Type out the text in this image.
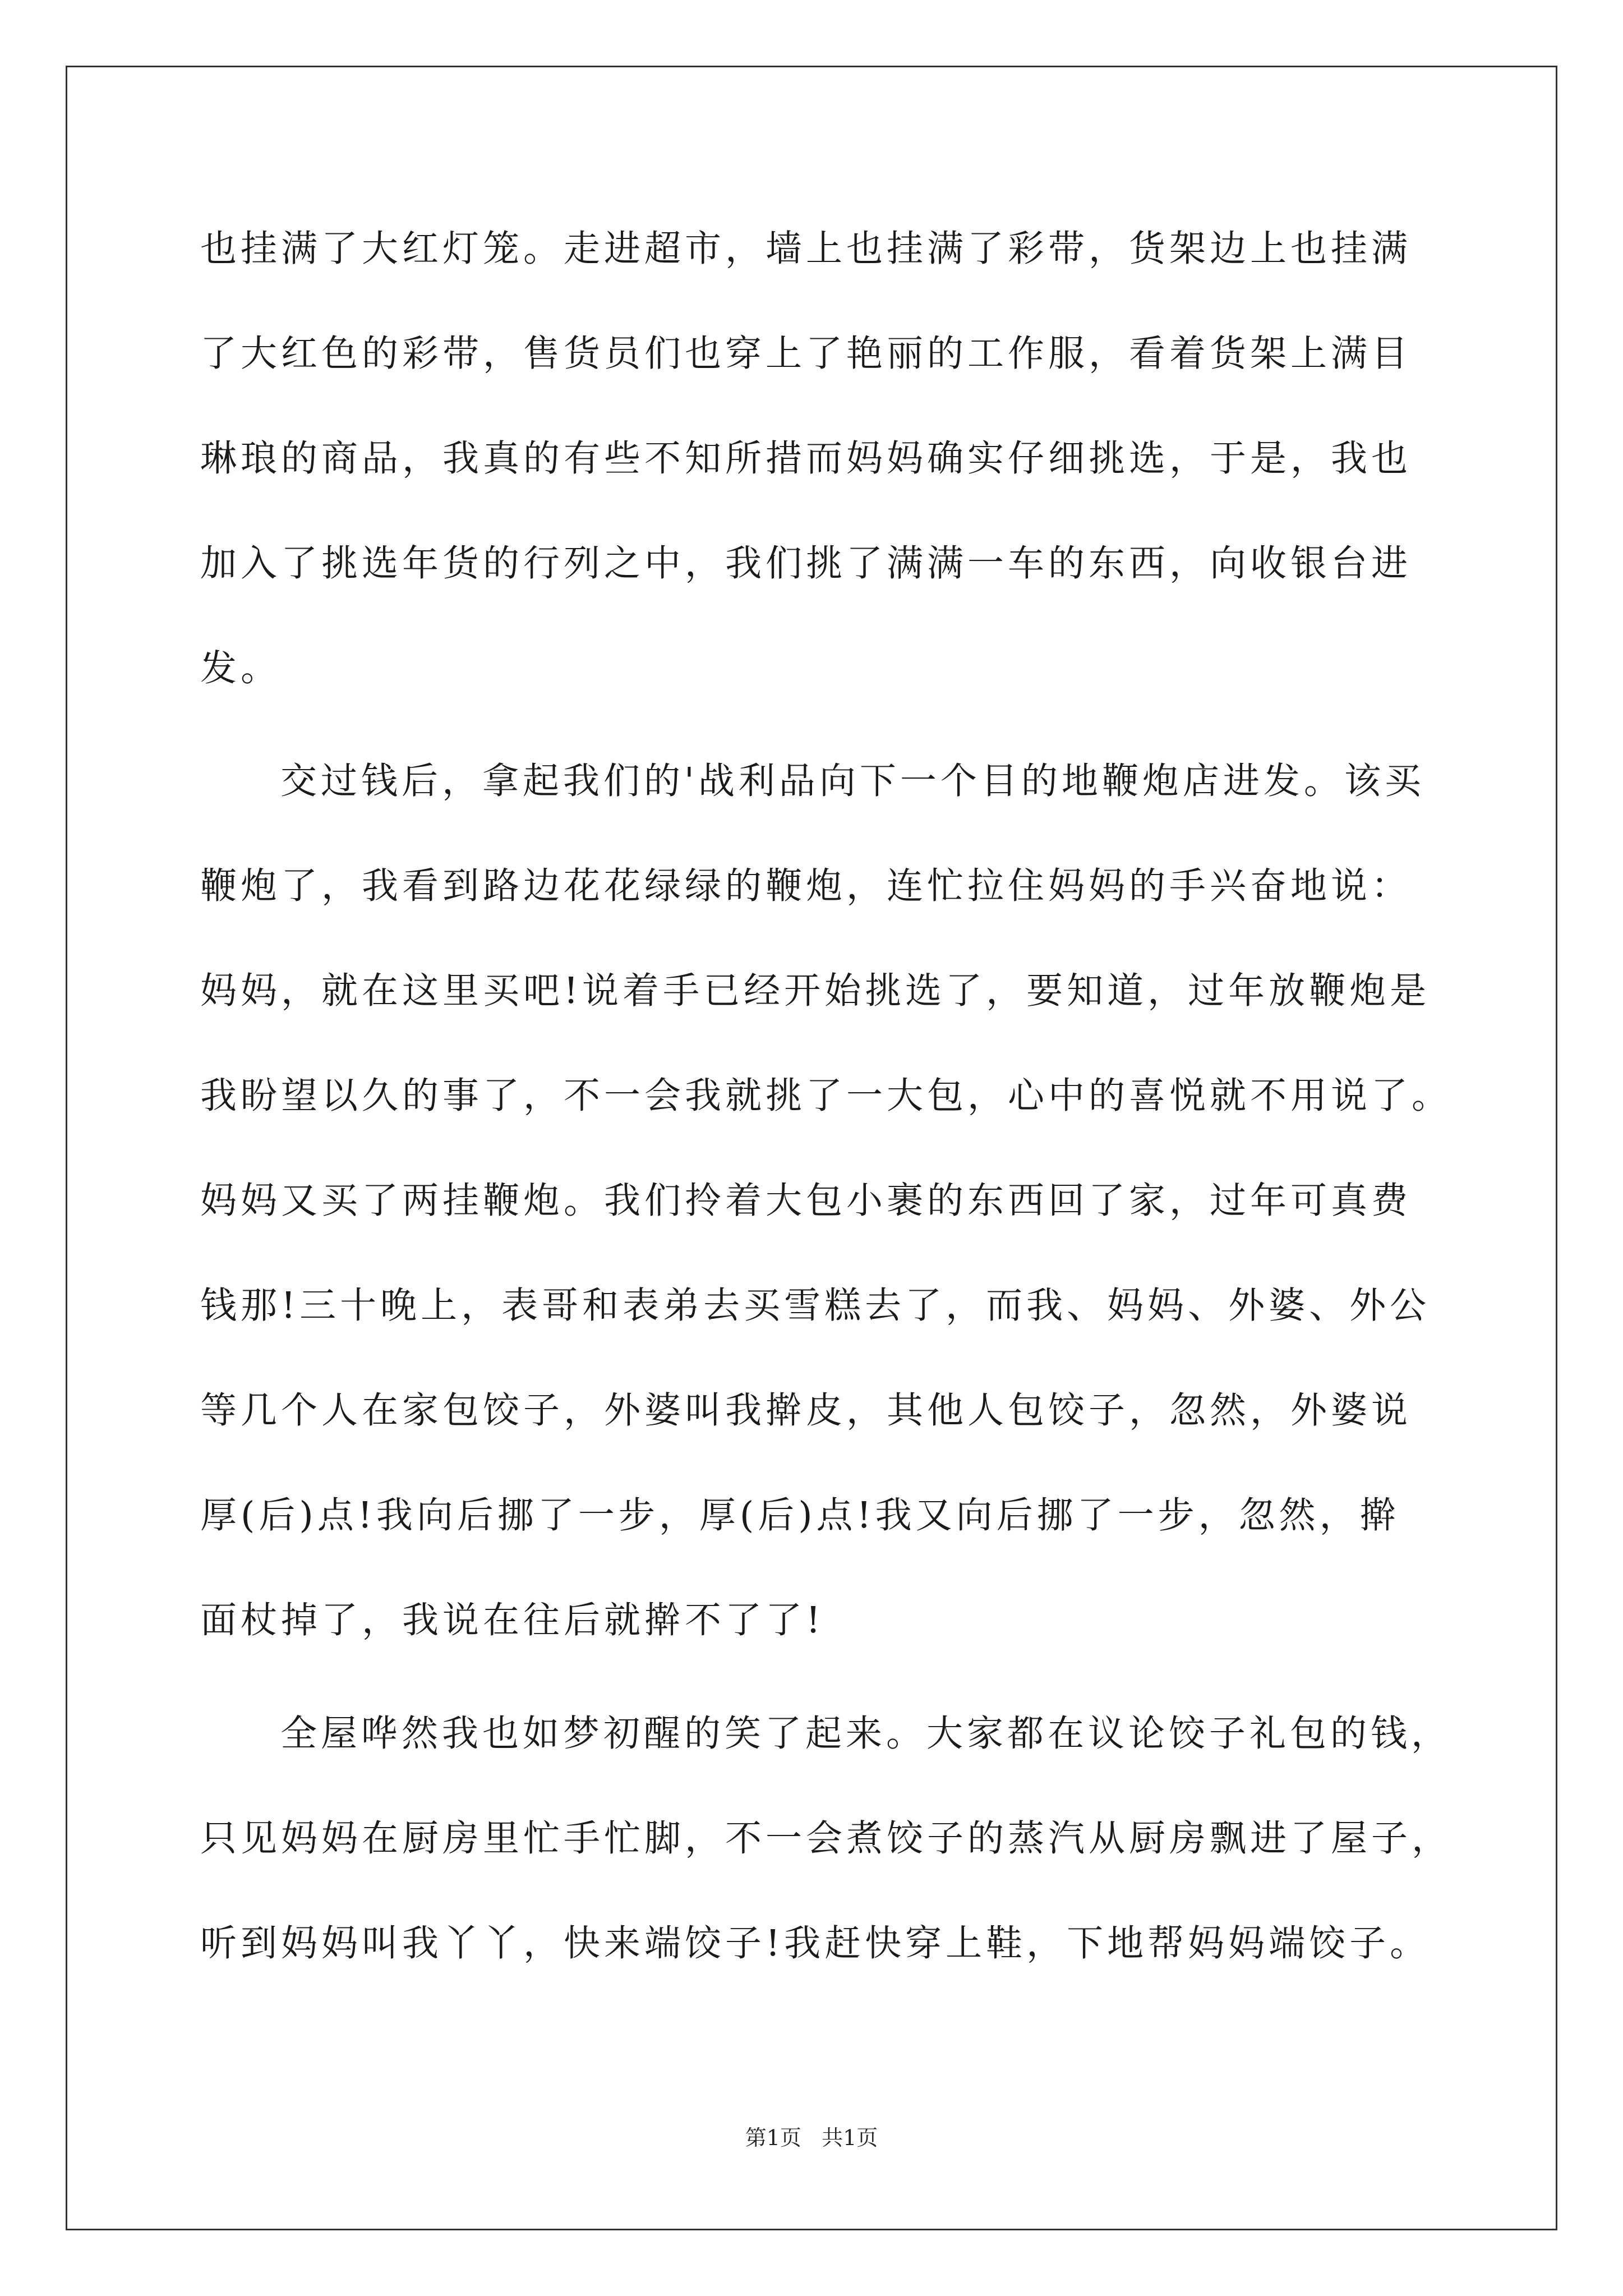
也挂满了大红灯笼。走进超市，墙上也挂满了彩带，货架边上也挂满
了大红色的彩带，售货员们也穿上了艳丽的工作服，看着货架上满目
琳琅的商品，我真的有些不知所措而妈妈确实仔细挑选，于是，我也
加入了挑选年货的行列之中，我们挑了满满一车的东西，向收银台进
发。
交过钱后，拿起我们的'战利品向下一个目的地鞭炮店进发。该买
鞭炮了，我看到路边花花绿绿的鞭炮，连忙拉住妈妈的手兴奋地说：
妈妈，就在这里买吧!说着手已经开始挑选了，要知道，过年放鞭炮是
我盼望以久的事了，不一会我就挑了一大包，心中的喜悦就不用说了。
妈妈又买了两挂鞭炮。我们拎着大包小裹的东西回了家，过年可真费
钱那!三十晚上，表哥和表弟去买雪糕去了，而我、妈妈、外婆、外公
等几个人在家包饺子，外婆叫我擀皮，其他人包饺子，忽然，外婆说
厚(后)点!我向后挪了一步，厚(后)点!我又向后挪了一步，忽然，擀
面杖掉了，我说在往后就擀不了了!
全屋哗然我也如梦初醒的笑了起来。大家都在议论饺子礼包的钱，
只见妈妈在厨房里忙手忙脚，不一会煮饺子的蒸汽从厨房飘进了屋子，
听到妈妈叫我丫丫，快来端饺子!我赶快穿上鞋，下地帮妈妈端饺子。
第1页   共1页
